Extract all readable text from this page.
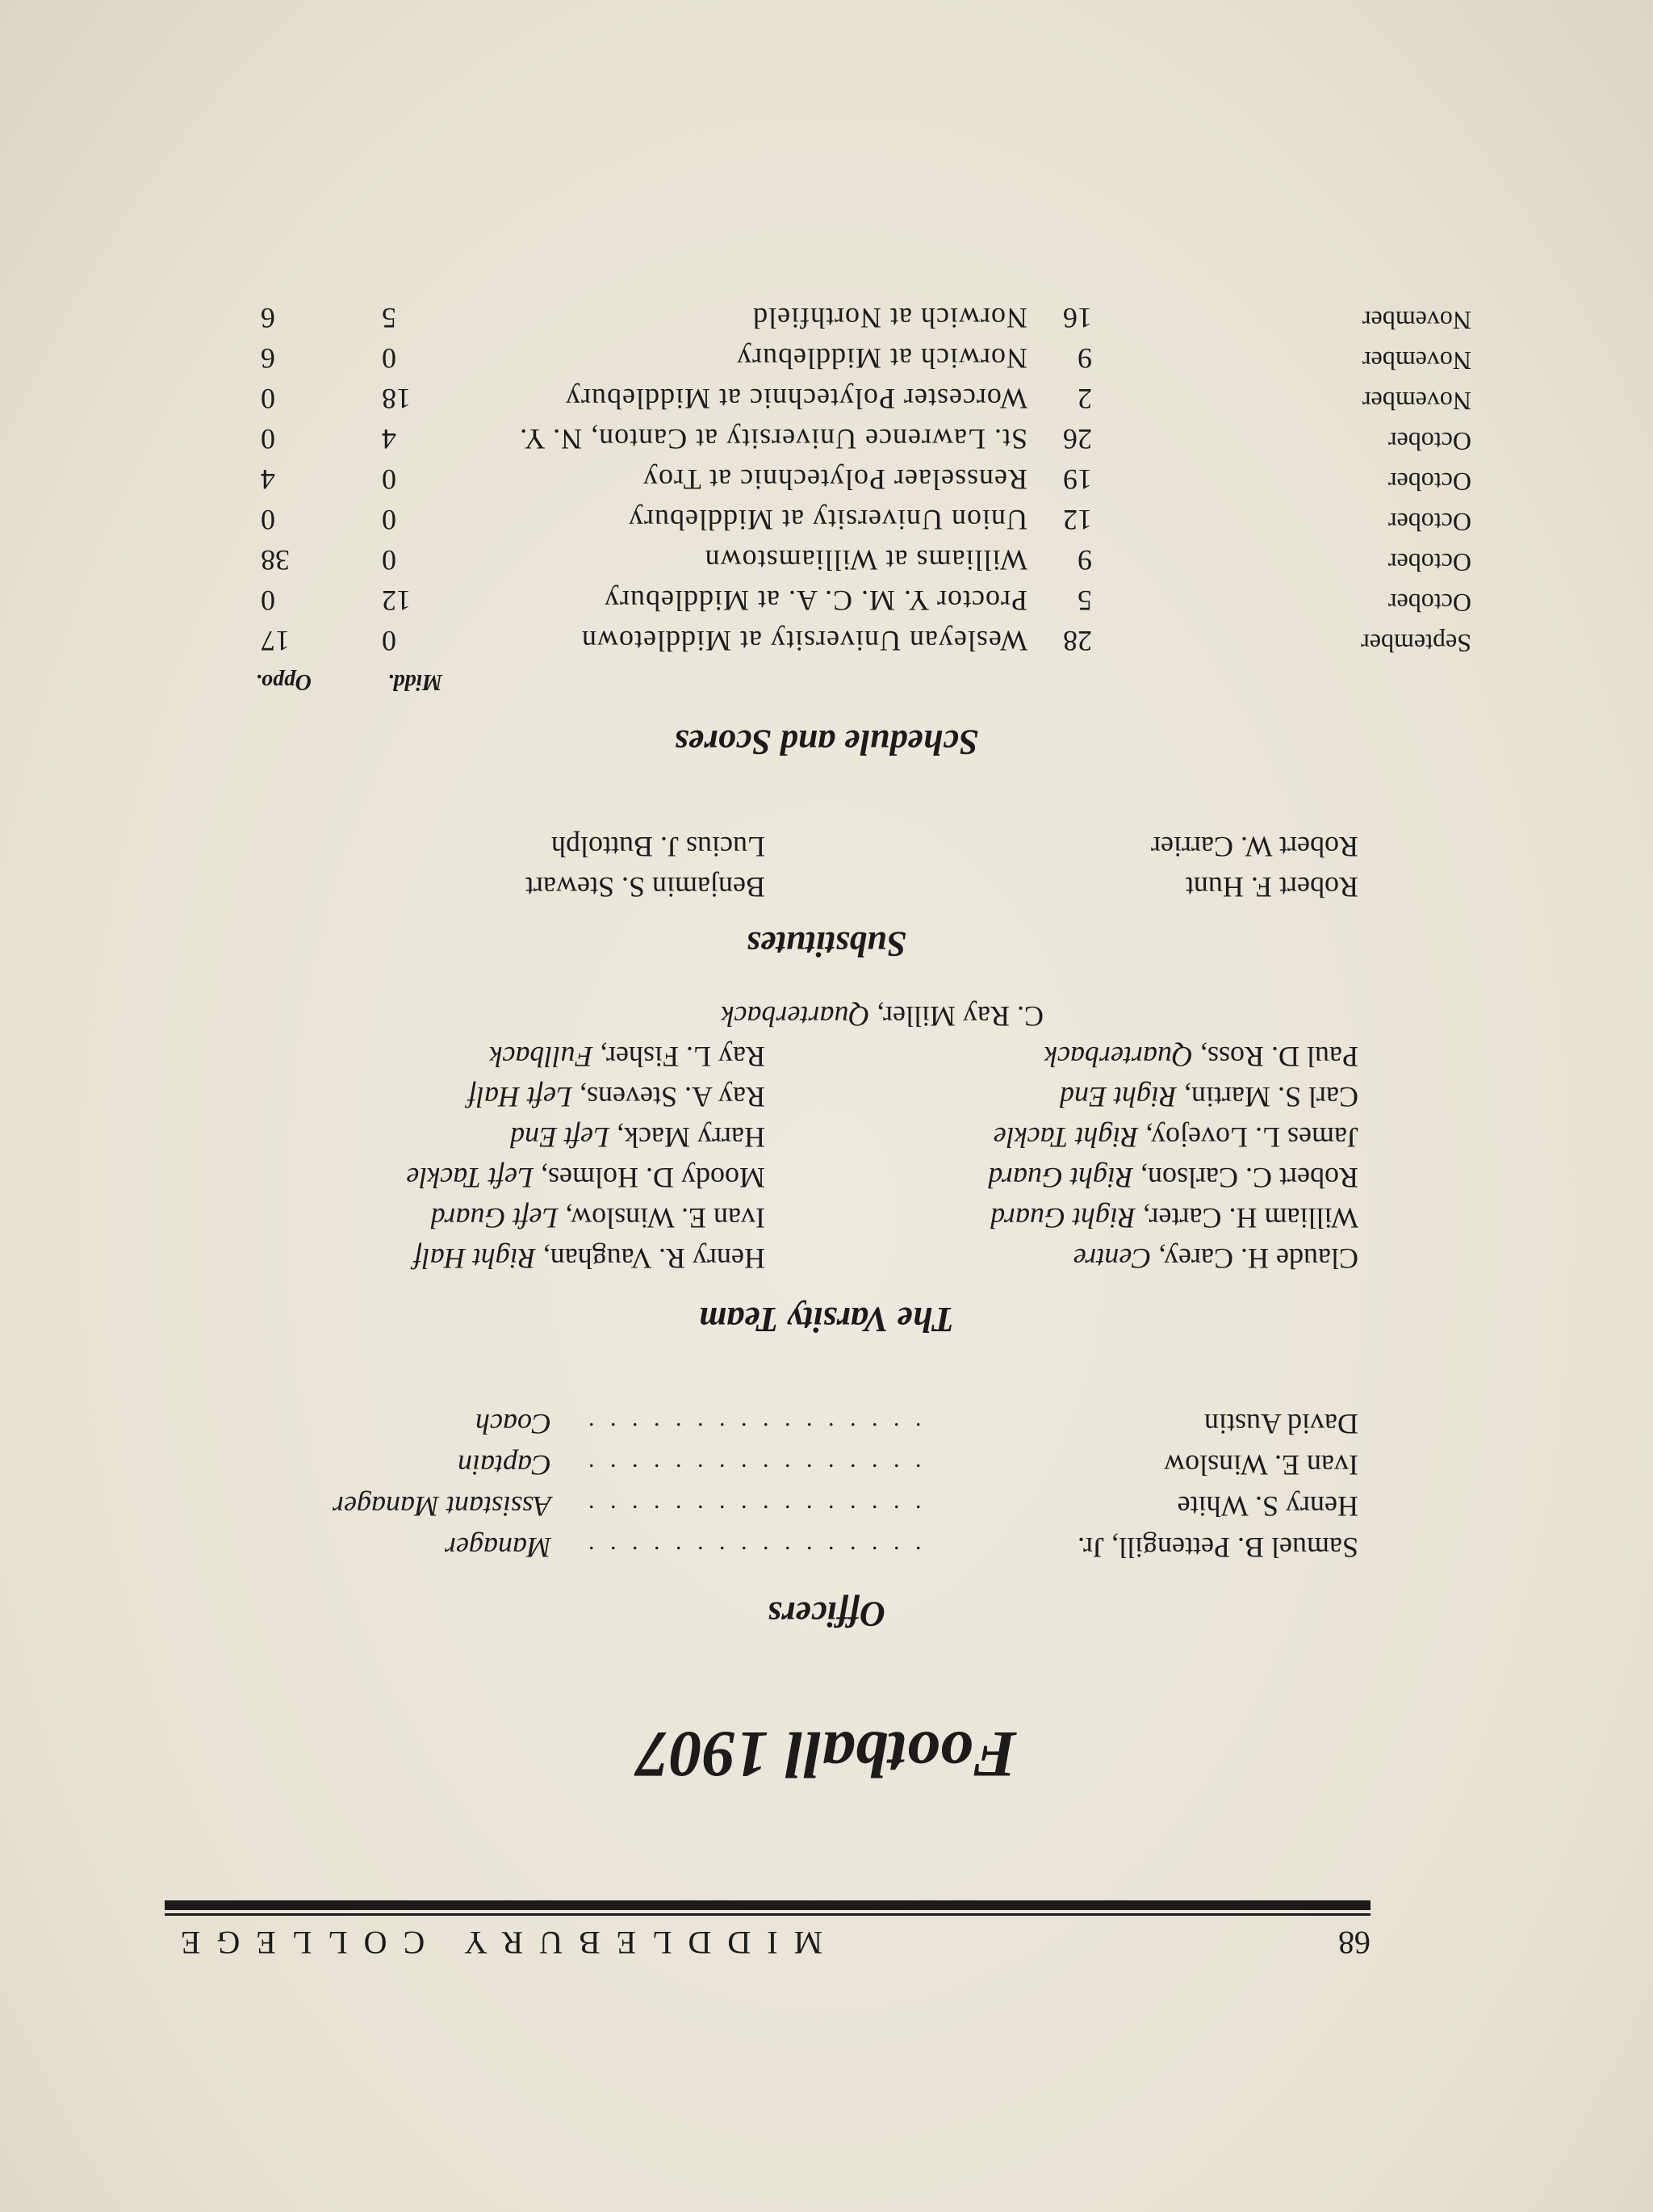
68
MIDDLEBURY COLLEGE
Football 1907
Officers
Samuel B. Pettengill, Jr.
. . . . . . . . . . . . . . . .
Manager
Henry S. White
. . . . . . . . . . . . . . . .
Assistant Manager
Ivan E. Winslow
. . . . . . . . . . . . . . . .
Captain
David Austin
. . . . . . . . . . . . . . . .
Coach
The Varsity Team
Claude H. Carey, Centre
William H. Carter, Right Guard
Robert C. Carlson, Right Guard
James L. Lovejoy, Right Tackle
Carl S. Martin, Right End
Paul D. Ross, Quarterback
C. Ray Miller, Quarterback
Henry R. Vaughan, Right Half
Ivan E. Winslow, Left Guard
Moody D. Holmes, Left Tackle
Harry Mack, Left End
Ray A. Stevens, Left Half
Ray L. Fisher, Fullback
Substitutes
Robert F. Hunt
Robert W. Carrier
Benjamin S. Stewart
Lucius J. Buttolph
Schedule and Scores
Midd.
Oppo.
September
28
Wesleyan University at Middletown
0
17
October
5
Proctor Y. M. C. A. at Middlebury
12
0
October
9
Williams at Williamstown
0
38
October
12
Union University at Middlebury
0
0
October
19
Rensselaer Polytechnic at Troy
0
4
October
26
St. Lawrence University at Canton, N. Y.
4
0
November
2
Worcester Polytechnic at Middlebury
18
0
November
9
Norwich at Middlebury
0
6
November
16
Norwich at Northfield
5
6
